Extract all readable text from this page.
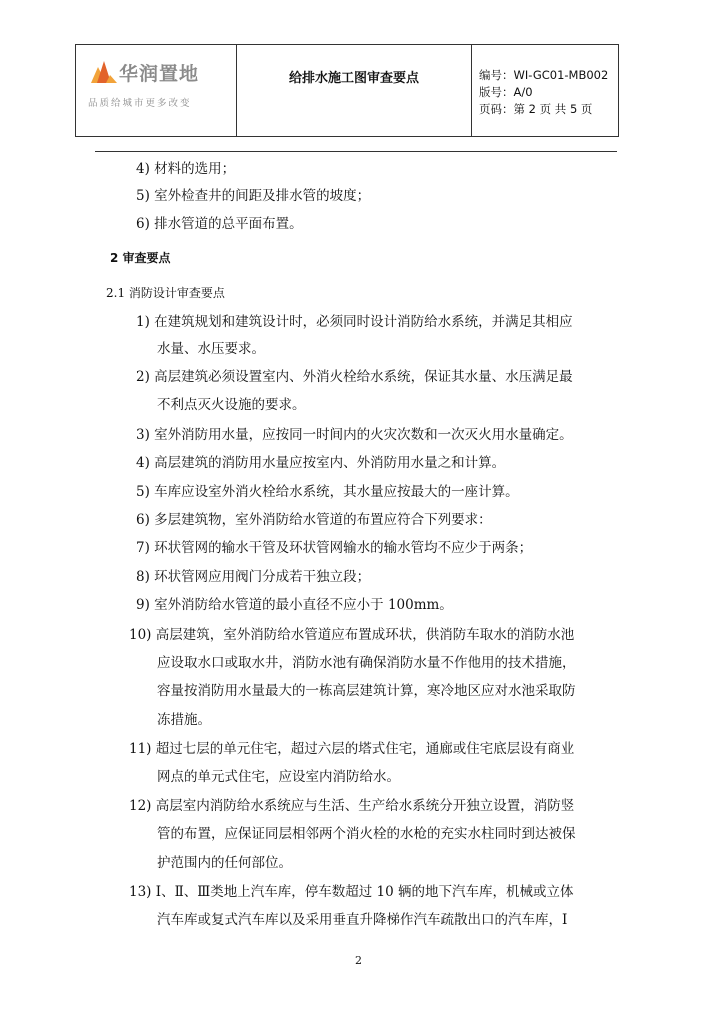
华润置地
品质给城市更多改变
给排水施工图审查要点	编号：WI-GC01-MB002
版号：A/0
页码：第 2 页 共 5 页
4) 材料的选用；
5) 室外检查井的间距及排水管的坡度；
6) 排水管道的总平面布置。
2 审查要点
2.1 消防设计审查要点
1) 在建筑规划和建筑设计时，必须同时设计消防给水系统，并满足其相应
水量、水压要求。
2) 高层建筑必须设置室内、外消火栓给水系统，保证其水量、水压满足最
不利点灭火设施的要求。
3) 室外消防用水量，应按同一时间内的火灾次数和一次灭火用水量确定。
4) 高层建筑的消防用水量应按室内、外消防用水量之和计算。
5) 车库应设室外消火栓给水系统，其水量应按最大的一座计算。
6) 多层建筑物，室外消防给水管道的布置应符合下列要求：
7) 环状管网的输水干管及环状管网输水的输水管均不应少于两条；
8) 环状管网应用阀门分成若干独立段；
9) 室外消防给水管道的最小直径不应小于 100mm。
10) 高层建筑，室外消防给水管道应布置成环状，供消防车取水的消防水池
应设取水口或取水井，消防水池有确保消防水量不作他用的技术措施，
容量按消防用水量最大的一栋高层建筑计算，寒冷地区应对水池采取防
冻措施。
11) 超过七层的单元住宅，超过六层的塔式住宅，通廊或住宅底层设有商业
网点的单元式住宅，应设室内消防给水。
12) 高层室内消防给水系统应与生活、生产给水系统分开独立设置，消防竖
管的布置，应保证同层相邻两个消火栓的水枪的充实水柱同时到达被保
护范围内的任何部位。
13) Ⅰ、Ⅱ、Ⅲ类地上汽车库，停车数超过 10 辆的地下汽车库，机械或立体
汽车库或复式汽车库以及采用垂直升降梯作汽车疏散出口的汽车库，Ⅰ
2
